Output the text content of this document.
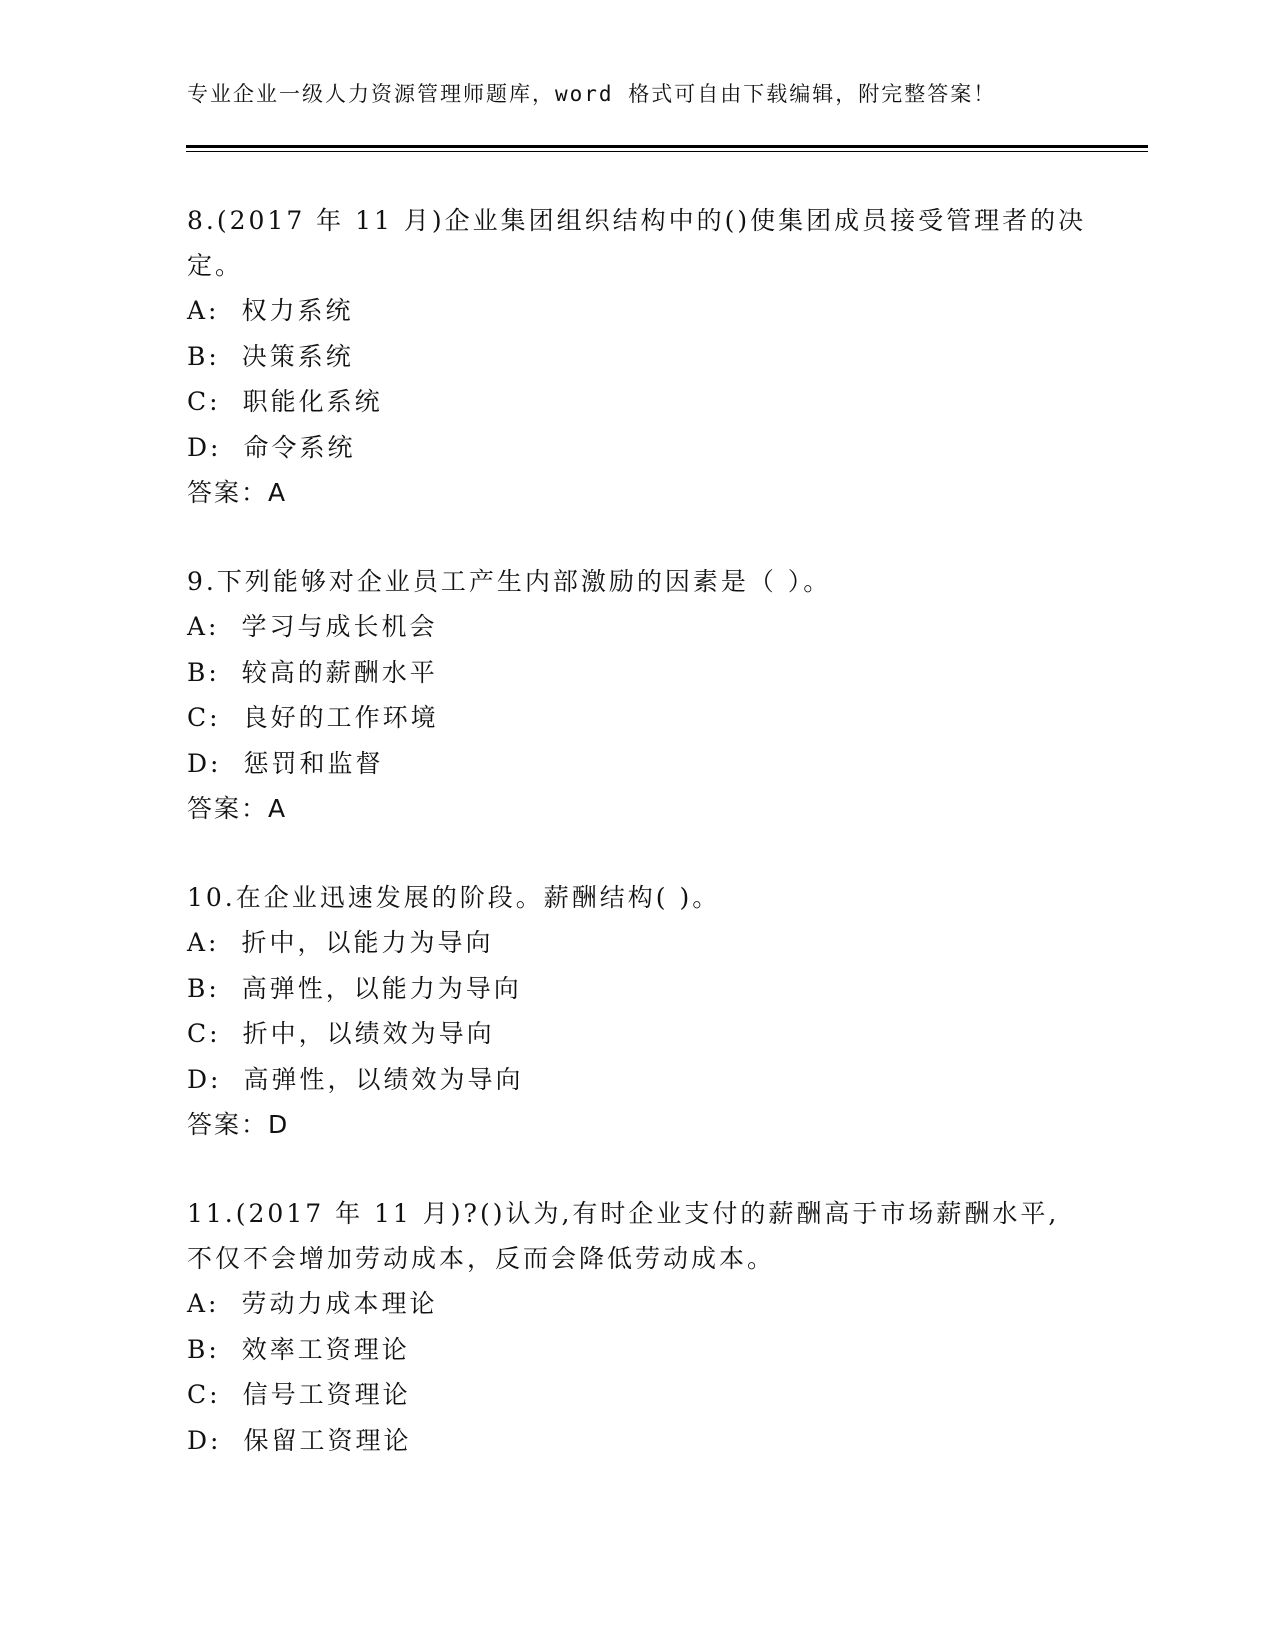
专业企业一级人力资源管理师题库，word 格式可自由下载编辑，附完整答案！

8.(2017 年 11 月)企业集团组织结构中的()使集团成员接受管理者的决定。

A: 权力系统

B: 决策系统

C: 职能化系统

D: 命令系统

答案：A

9.下列能够对企业员工产生内部激励的因素是（ ）。

A: 学习与成长机会

B: 较高的薪酬水平

C: 良好的工作环境

D: 惩罚和监督

答案：A

10.在企业迅速发展的阶段。薪酬结构( )。

A: 折中，以能力为导向

B: 高弹性，以能力为导向

C: 折中，以绩效为导向

D: 高弹性，以绩效为导向

答案：D

11.(2017 年 11 月)?()认为,有时企业支付的薪酬高于市场薪酬水平,不仅不会增加劳动成本，反而会降低劳动成本。

A: 劳动力成本理论

B: 效率工资理论

C: 信号工资理论

D: 保留工资理论
